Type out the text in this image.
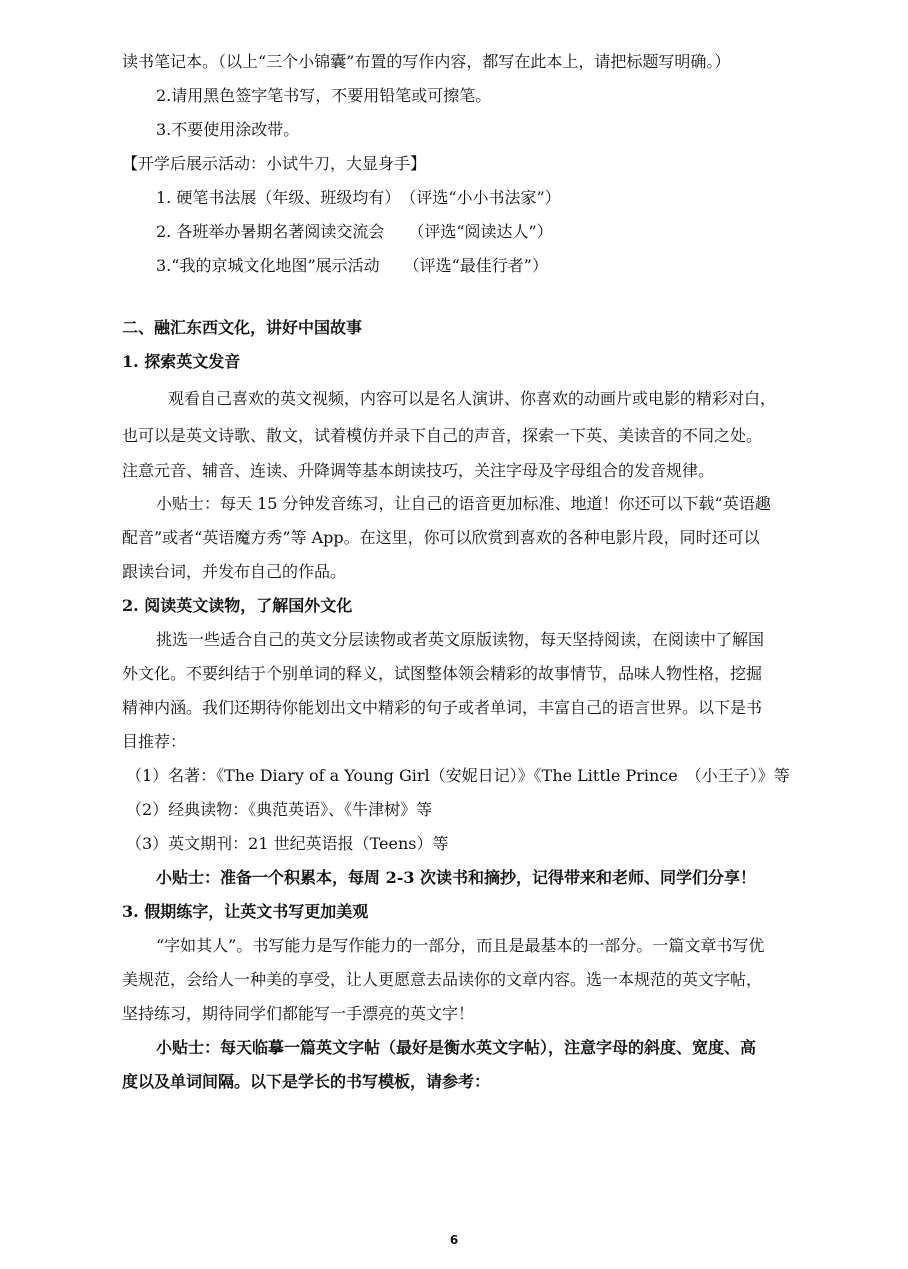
读书笔记本。（以上“三个小锦囊”布置的写作内容，都写在此本上，请把标题写明确。）
2.请用黑色签字笔书写，不要用铅笔或可擦笔。
3.不要使用涂改带。
【开学后展示活动：小试牛刀，大显身手】
1. 硬笔书法展（年级、班级均有）　（评选“小小书法家”）
2. 各班举办暑期名著阅读交流会　　（评选“阅读达人”）
3.“我的京城文化地图”展示活动　　（评选“最佳行者”）
二、融汇东西文化，讲好中国故事
1. 探索英文发音
观看自己喜欢的英文视频，内容可以是名人演讲、你喜欢的动画片或电影的精彩对白，
也可以是英文诗歌、散文，试着模仿并录下自己的声音，探索一下英、美读音的不同之处。
注意元音、辅音、连读、升降调等基本朗读技巧，关注字母及字母组合的发音规律。
小贴士：每天 15 分钟发音练习，让自己的语音更加标准、地道！你还可以下载“英语趣
配音”或者“英语魔方秀”等 App。在这里，你可以欣赏到喜欢的各种电影片段，同时还可以
跟读台词，并发布自己的作品。
2. 阅读英文读物，了解国外文化
挑选一些适合自己的英文分层读物或者英文原版读物，每天坚持阅读，在阅读中了解国
外文化。不要纠结于个别单词的释义，试图整体领会精彩的故事情节，品味人物性格，挖掘
精神内涵。我们还期待你能划出文中精彩的句子或者单词，丰富自己的语言世界。以下是书
目推荐：
（1）名著：《The Diary of a Young Girl（安妮日记）》《The Little Prince　（小王子）》等
（2）经典读物：《典范英语》、《牛津树》等
（3）英文期刊：21 世纪英语报（Teens）等
小贴士：准备一个积累本，每周 2-3 次读书和摘抄，记得带来和老师、同学们分享！
3. 假期练字，让英文书写更加美观
“字如其人”。书写能力是写作能力的一部分，而且是最基本的一部分。一篇文章书写优
美规范，会给人一种美的享受，让人更愿意去品读你的文章内容。选一本规范的英文字帖，
坚持练习，期待同学们都能写一手漂亮的英文字！
小贴士：每天临摹一篇英文字帖（最好是衡水英文字帖），注意字母的斜度、宽度、高
度以及单词间隔。以下是学长的书写模板，请参考：
6
